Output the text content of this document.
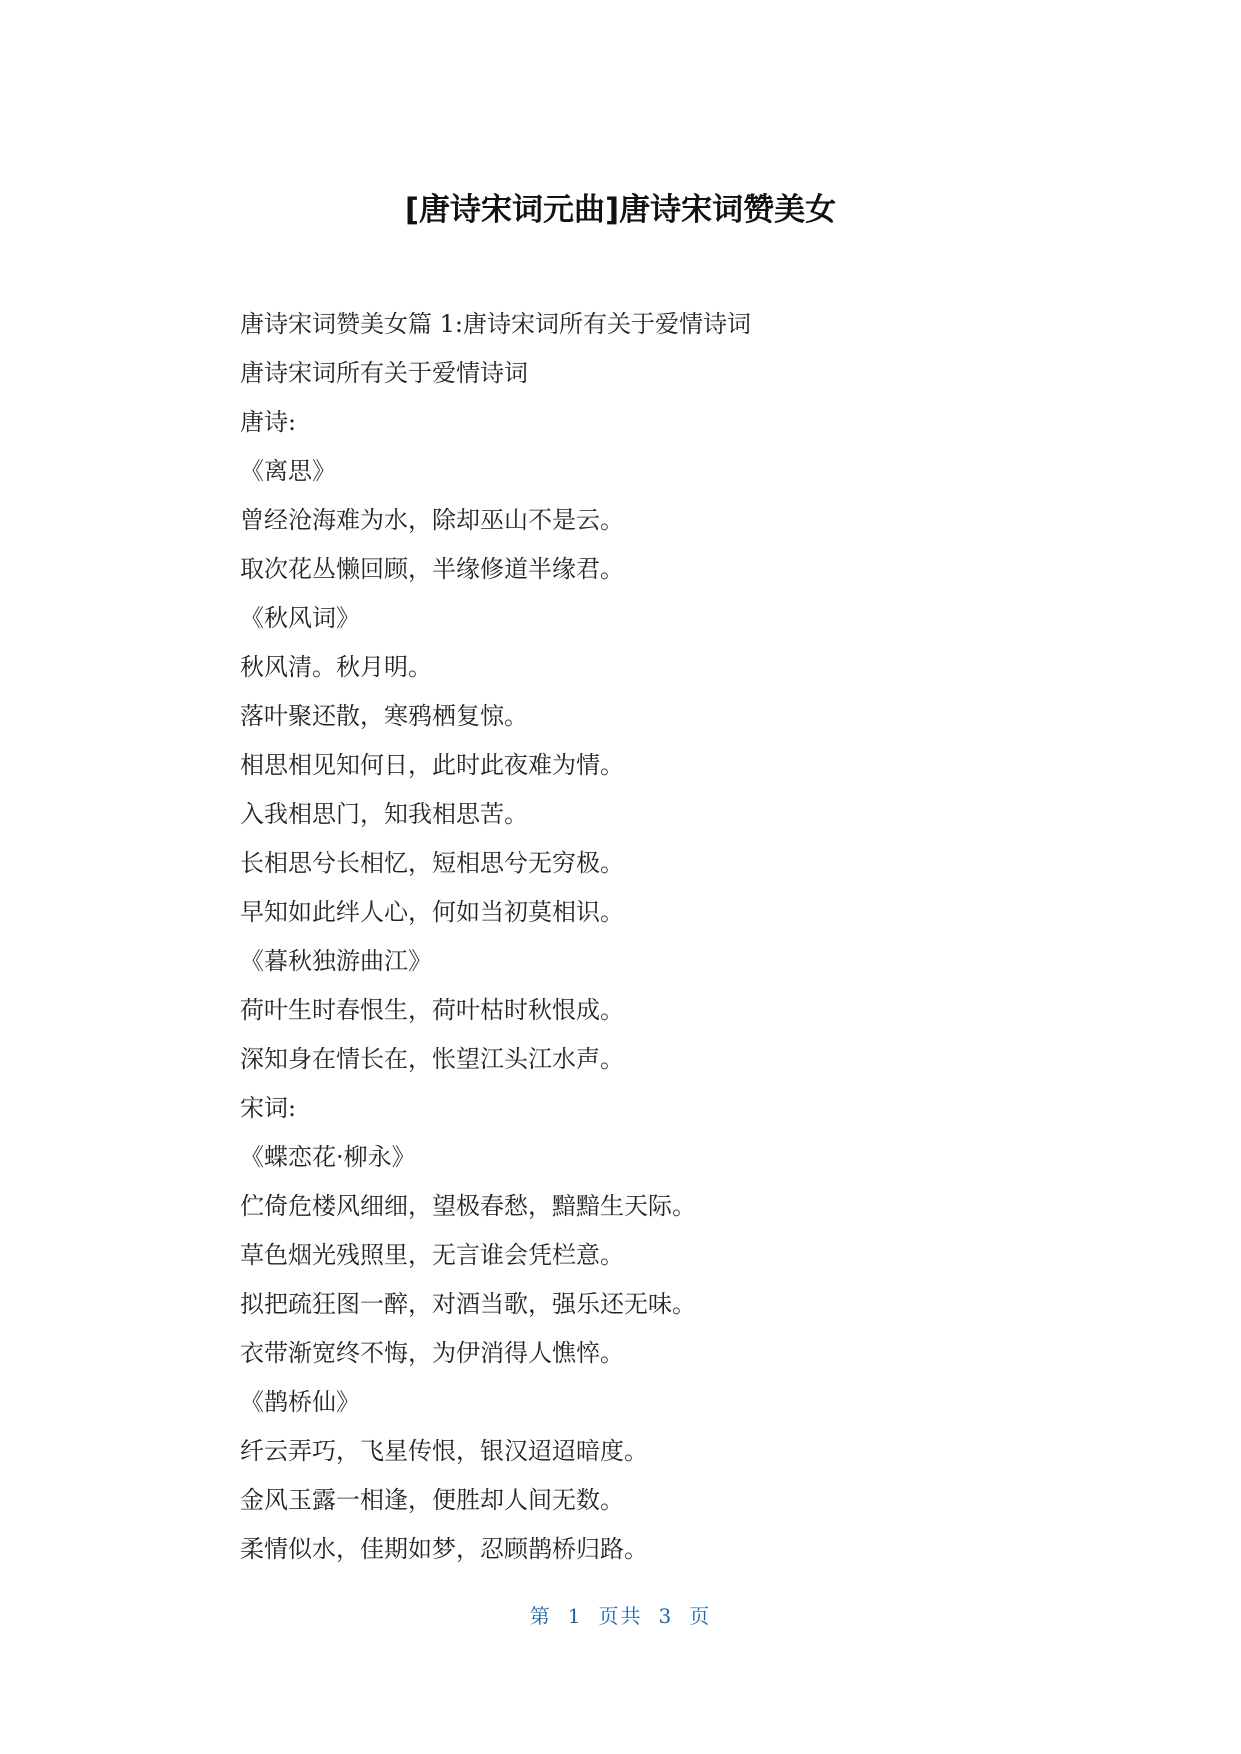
[唐诗宋词元曲]唐诗宋词赞美女
唐诗宋词赞美女篇 1:唐诗宋词所有关于爱情诗词
唐诗宋词所有关于爱情诗词
唐诗:
《离思》
曾经沧海难为水，除却巫山不是云。
取次花丛懒回顾，半缘修道半缘君。
《秋风词》
秋风清。秋月明。
落叶聚还散，寒鸦栖复惊。
相思相见知何日，此时此夜难为情。
入我相思门，知我相思苦。
长相思兮长相忆，短相思兮无穷极。
早知如此绊人心，何如当初莫相识。
《暮秋独游曲江》
荷叶生时春恨生，荷叶枯时秋恨成。
深知身在情长在，怅望江头江水声。
宋词:
《蝶恋花·柳永》
伫倚危楼风细细，望极春愁，黯黯生天际。
草色烟光残照里，无言谁会凭栏意。
拟把疏狂图一醉，对酒当歌，强乐还无味。
衣带渐宽终不悔，为伊消得人憔悴。
《鹊桥仙》
纤云弄巧，飞星传恨，银汉迢迢暗度。
金风玉露一相逢，便胜却人间无数。
柔情似水，佳期如梦，忍顾鹊桥归路。
第 1 页共 3 页
